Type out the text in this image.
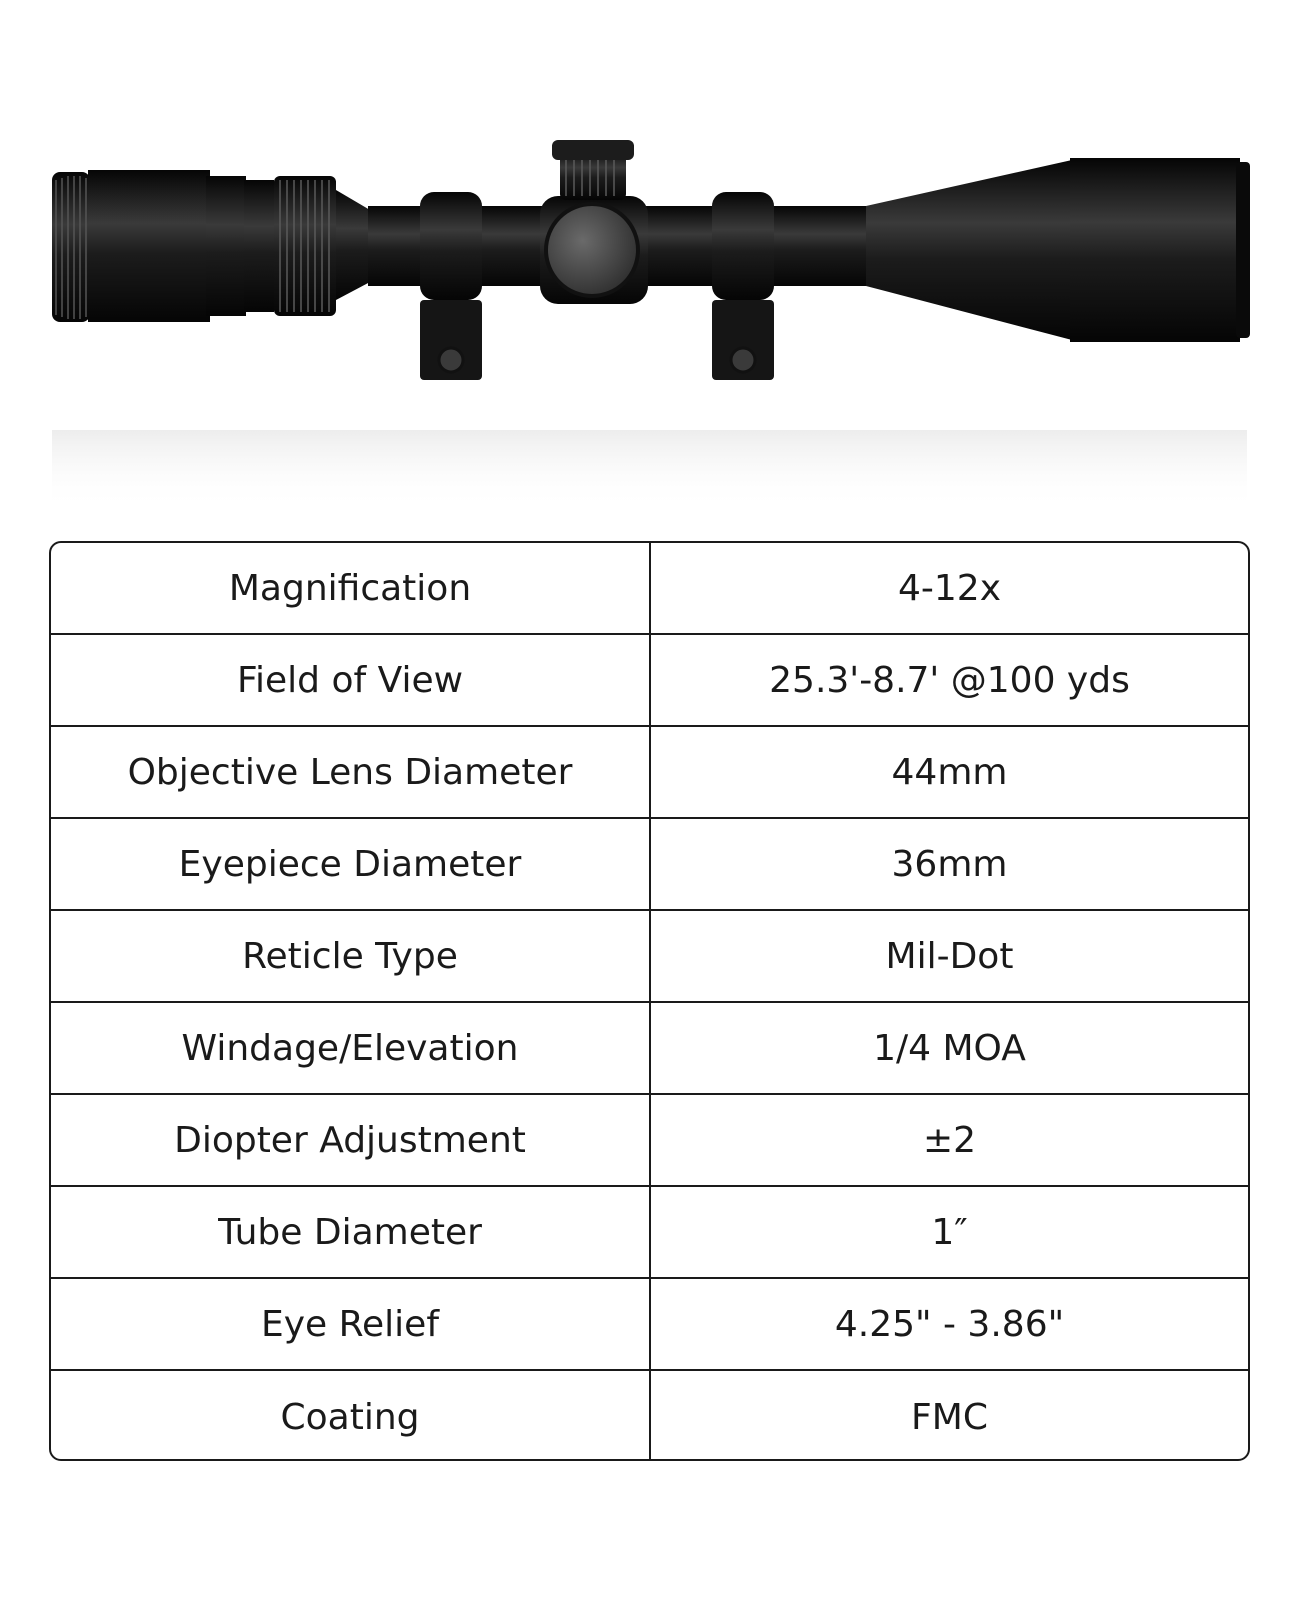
Magnification	4-12x
Field of View	25.3'-8.7' @100 yds
Objective Lens Diameter	44mm
Eyepiece Diameter	36mm
Reticle Type	Mil-Dot
Windage/Elevation	1/4 MOA
Diopter Adjustment	±2
Tube Diameter	1″
Eye Relief	4.25" - 3.86"
Coating	FMC
